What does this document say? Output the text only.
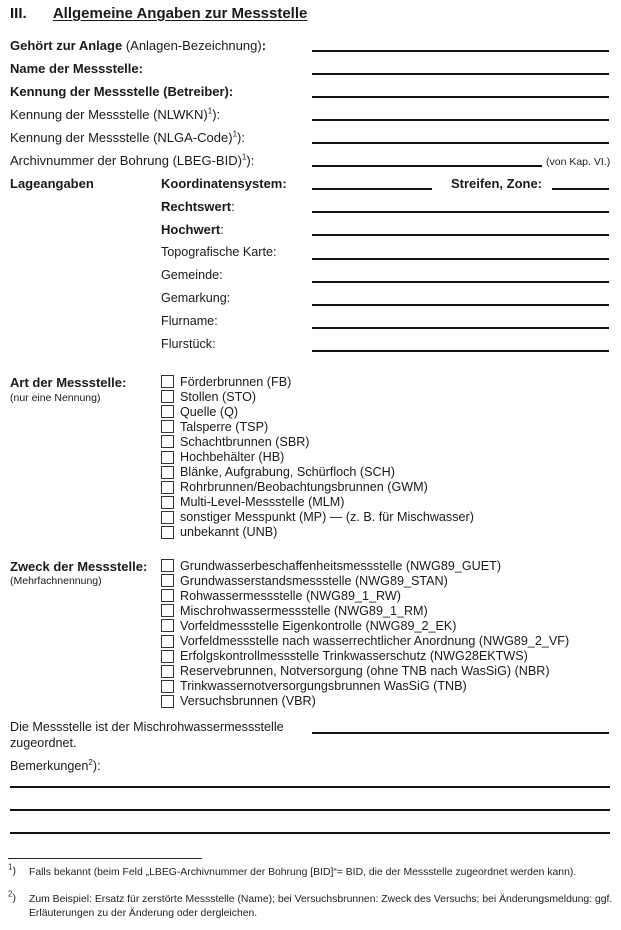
III. Allgemeine Angaben zur Messstelle
Gehört zur Anlage (Anlagen-Bezeichnung):
Name der Messstelle:
Kennung der Messstelle (Betreiber):
Kennung der Messstelle (NLWKN)$^1$):
Kennung der Messstelle (NLGA-Code)$^1$):
Archivnummer der Bohrung (LBEG-BID)$^1$):	(von Kap. VI.)
Lageangaben	Koordinatensystem:	Streifen, Zone:
Rechtswert:
Hochwert:
Topografische Karte:
Gemeinde:
Gemarkung:
Flurname:
Flurstück:
Art der Messstelle:
(nur eine Nennung)
Förderbrunnen (FB)
Stollen (STO)
Quelle (Q)
Talsperre (TSP)
Schachtbrunnen (SBR)
Hochbehälter (HB)
Blänke, Aufgrabung, Schürfloch (SCH)
Rohrbrunnen/Beobachtungsbrunnen (GWM)
Multi-Level-Messstelle (MLM)
sonstiger Messpunkt (MP) — (z. B. für Mischwasser)
unbekannt (UNB)
Zweck der Messstelle:
(Mehrfachnennung)
Grundwasserbeschaffenheitsmessstelle (NWG89_GUET)
Grundwasserstandsmessstelle (NWG89_STAN)
Rohwassermessstelle (NWG89_1_RW)
Mischrohwassermessstelle (NWG89_1_RM)
Vorfeldmessstelle Eigenkontrolle (NWG89_2_EK)
Vorfeldmessstelle nach wasserrechtlicher Anordnung (NWG89_2_VF)
Erfolgskontrollmessstelle Trinkwasserschutz (NWG28EKTWS)
Reservebrunnen, Notversorgung (ohne TNB nach WasSiG) (NBR)
Trinkwassernotversorgungsbrunnen WasSiG (TNB)
Versuchsbrunnen (VBR)
Die Messstelle ist der Mischrohwassermessstelle
zugeordnet.
Bemerkungen$^2$):
$^1$) Falls bekannt (beim Feld „LBEG-Archivnummer der Bohrung [BID]“= BID, die der Messstelle zugeordnet werden kann).
$^2$) Zum Beispiel: Ersatz für zerstörte Messstelle (Name); bei Versuchsbrunnen: Zweck des Versuchs; bei Änderungsmeldung: ggf. Erläuterungen zu der Änderung oder dergleichen.
